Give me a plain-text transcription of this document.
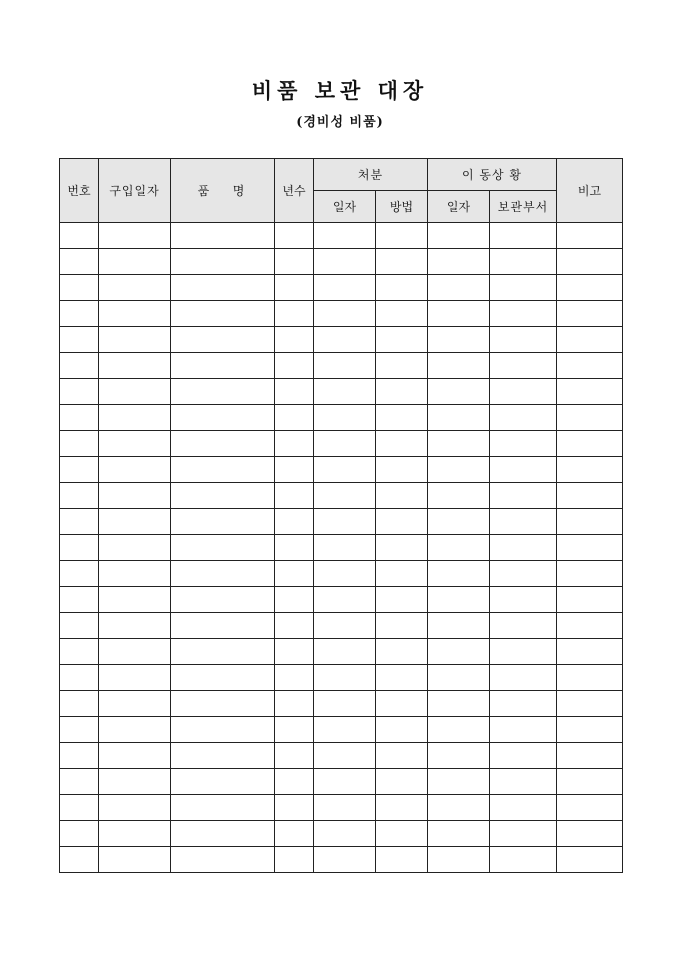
비품 보관 대장
(경비성 비품)
번호	구입일자	품   명	년수	처분		이 동상 황		비고
				일자	방법	일자	보관부서	
